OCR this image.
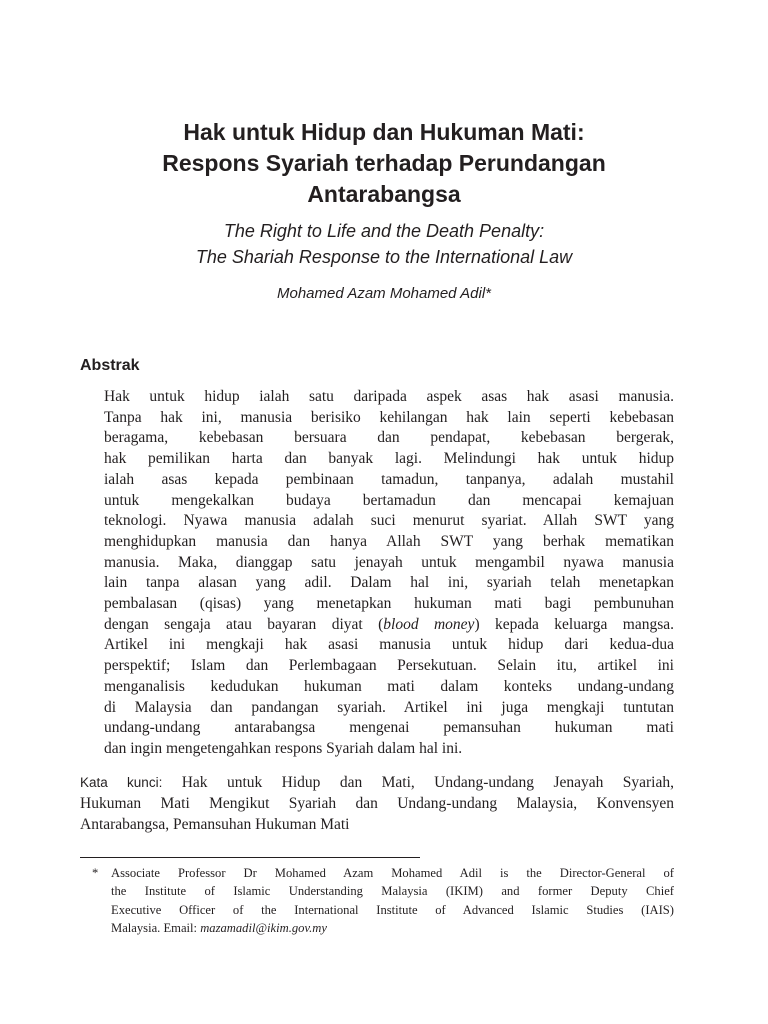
Hak untuk Hidup dan Hukuman Mati:
Respons Syariah terhadap Perundangan
Antarabangsa
The Right to Life and the Death Penalty:
The Shariah Response to the International Law
Mohamed Azam Mohamed Adil*
Abstrak
Hak untuk hidup ialah satu daripada aspek asas hak asasi manusia.
Tanpa hak ini, manusia berisiko kehilangan hak lain seperti kebebasan
beragama, kebebasan bersuara dan pendapat, kebebasan bergerak,
hak pemilikan harta dan banyak lagi. Melindungi hak untuk hidup
ialah asas kepada pembinaan tamadun, tanpanya, adalah mustahil
untuk mengekalkan budaya bertamadun dan mencapai kemajuan
teknologi. Nyawa manusia adalah suci menurut syariat. Allah SWT yang
menghidupkan manusia dan hanya Allah SWT yang berhak mematikan
manusia. Maka, dianggap satu jenayah untuk mengambil nyawa manusia
lain tanpa alasan yang adil. Dalam hal ini, syariah telah menetapkan
pembalasan (qisas) yang menetapkan hukuman mati bagi pembunuhan
dengan sengaja atau bayaran diyat (blood money) kepada keluarga mangsa.
Artikel ini mengkaji hak asasi manusia untuk hidup dari kedua-dua
perspektif; Islam dan Perlembagaan Persekutuan. Selain itu, artikel ini
menganalisis kedudukan hukuman mati dalam konteks undang-undang
di Malaysia dan pandangan syariah. Artikel ini juga mengkaji tuntutan
undang-undang antarabangsa mengenai pemansuhan hukuman mati
dan ingin mengetengahkan respons Syariah dalam hal ini.
Kata kunci: Hak untuk Hidup dan Mati, Undang-undang Jenayah Syariah,
Hukuman Mati Mengikut Syariah dan Undang-undang Malaysia, Konvensyen
Antarabangsa, Pemansuhan Hukuman Mati
* Associate Professor Dr Mohamed Azam Mohamed Adil is the Director-General of
the Institute of Islamic Understanding Malaysia (IKIM) and former Deputy Chief
Executive Officer of the International Institute of Advanced Islamic Studies (IAIS)
Malaysia. Email: mazamadil@ikim.gov.my
